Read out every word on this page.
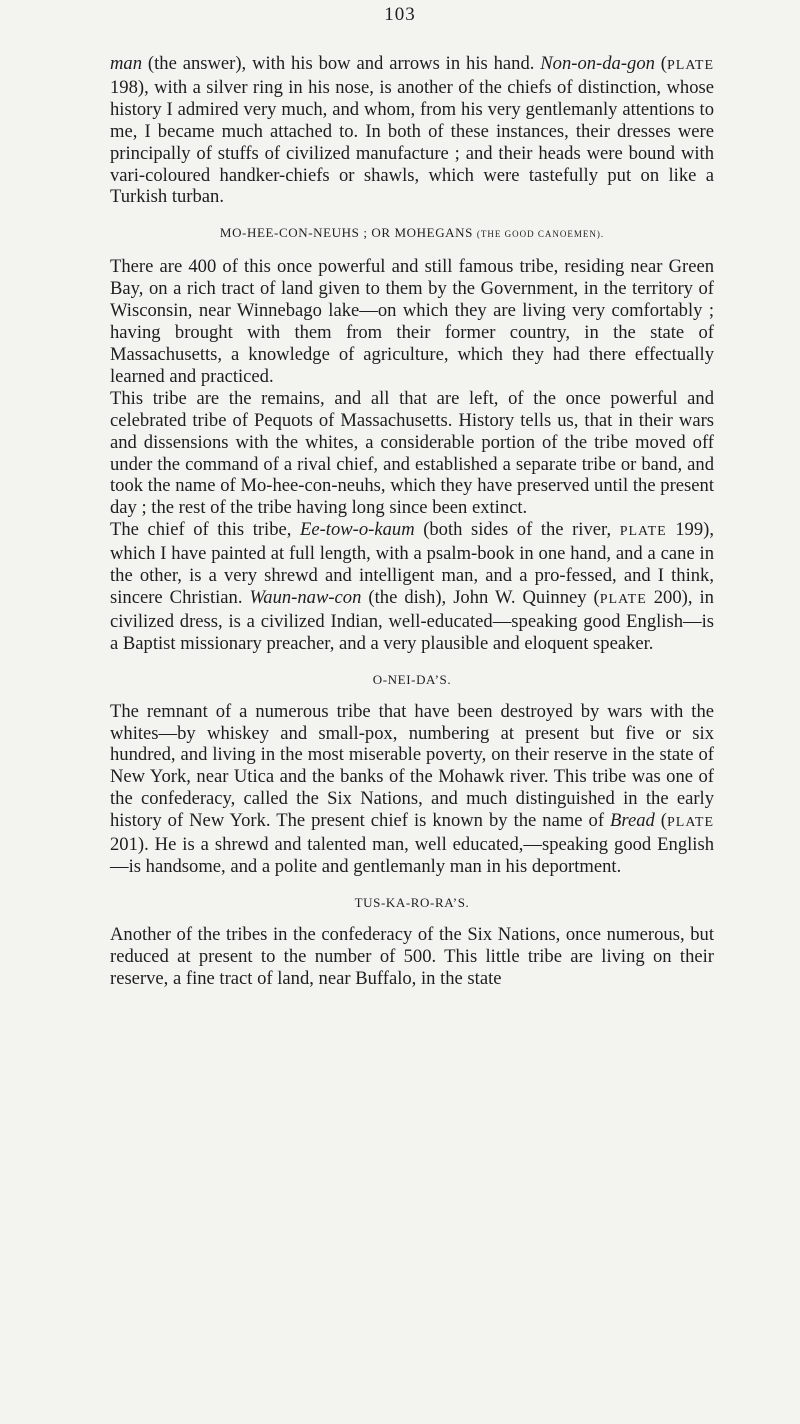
103

man (the answer), with his bow and arrows in his hand. Non-on-da-gon (PLATE 198), with a silver ring in his nose, is another of the chiefs of distinction, whose history I admired very much, and whom, from his very gentlemanly attentions to me, I became much attached to. In both of these instances, their dresses were principally of stuffs of civilized manufacture ; and their heads were bound with vari-coloured handker-chiefs or shawls, which were tastefully put on like a Turkish turban.

MO-HEE-CON-NEUHS ; OR MOHEGANS (THE GOOD CANOEMEN).

There are 400 of this once powerful and still famous tribe, residing near Green Bay, on a rich tract of land given to them by the Government, in the territory of Wisconsin, near Winnebago lake—on which they are living very comfortably ; having brought with them from their former country, in the state of Massachusetts, a knowledge of agriculture, which they had there effectually learned and practiced.

This tribe are the remains, and all that are left, of the once powerful and celebrated tribe of Pequots of Massachusetts. History tells us, that in their wars and dissensions with the whites, a considerable portion of the tribe moved off under the command of a rival chief, and established a separate tribe or band, and took the name of Mo-hee-con-neuhs, which they have preserved until the present day ; the rest of the tribe having long since been extinct.

The chief of this tribe, Ee-tow-o-kaum (both sides of the river, PLATE 199), which I have painted at full length, with a psalm-book in one hand, and a cane in the other, is a very shrewd and intelligent man, and a pro-fessed, and I think, sincere Christian. Waun-naw-con (the dish), John W. Quinney (PLATE 200), in civilized dress, is a civilized Indian, well-educated—speaking good English—is a Baptist missionary preacher, and a very plausible and eloquent speaker.

O-NEI-DA’S.

The remnant of a numerous tribe that have been destroyed by wars with the whites—by whiskey and small-pox, numbering at present but five or six hundred, and living in the most miserable poverty, on their reserve in the state of New York, near Utica and the banks of the Mohawk river. This tribe was one of the confederacy, called the Six Nations, and much distinguished in the early history of New York. The present chief is known by the name of Bread (PLATE 201). He is a shrewd and talented man, well educated,—speaking good English—is handsome, and a polite and gentlemanly man in his deportment.

TUS-KA-RO-RA’S.

Another of the tribes in the confederacy of the Six Nations, once numerous, but reduced at present to the number of 500. This little tribe are living on their reserve, a fine tract of land, near Buffalo, in the state
